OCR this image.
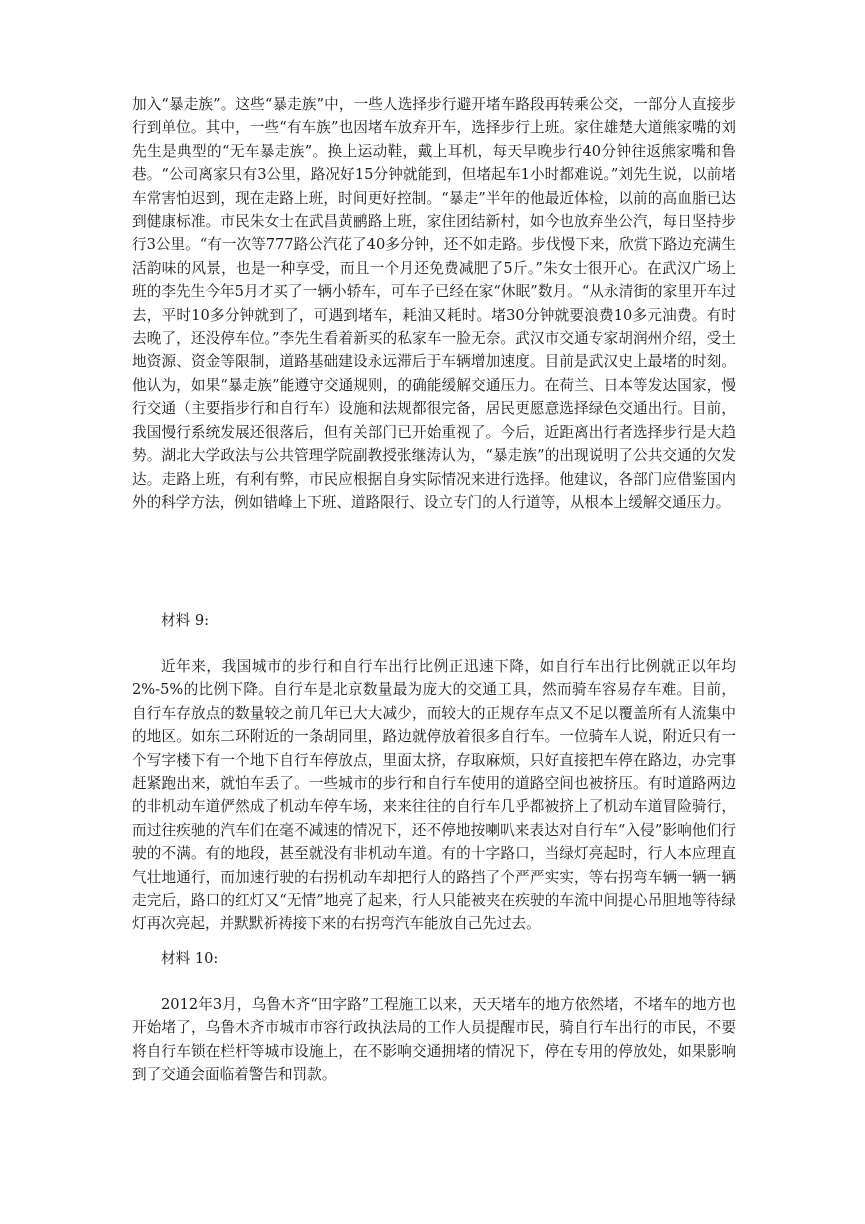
加入“暴走族”。这些“暴走族”中，一些人选择步行避开堵车路段再转乘公交，一部分人直接步行到单位。其中，一些“有车族”也因堵车放弃开车，选择步行上班。家住雄楚大道熊家嘴的刘先生是典型的“无车暴走族”。换上运动鞋，戴上耳机，每天早晚步行40分钟往返熊家嘴和鲁巷。“公司离家只有3公里，路况好15分钟就能到，但堵起车1小时都难说。”刘先生说，以前堵车常害怕迟到，现在走路上班，时间更好控制。“暴走”半年的他最近体检，以前的高血脂已达到健康标准。市民朱女士在武昌黄鹂路上班，家住团结新村，如今也放弃坐公汽，每日坚持步行3公里。“有一次等777路公汽花了40多分钟，还不如走路。步伐慢下来，欣赏下路边充满生活韵味的风景，也是一种享受，而且一个月还免费减肥了5斤。”朱女士很开心。在武汉广场上班的李先生今年5月才买了一辆小轿车，可车子已经在家“休眠”数月。“从永清街的家里开车过去，平时10多分钟就到了，可遇到堵车，耗油又耗时。堵30分钟就要浪费10多元油费。有时去晚了，还没停车位。”李先生看着新买的私家车一脸无奈。武汉市交通专家胡润州介绍，受土地资源、资金等限制，道路基础建设永远滞后于车辆增加速度。目前是武汉史上最堵的时刻。他认为，如果“暴走族”能遵守交通规则，的确能缓解交通压力。在荷兰、日本等发达国家，慢行交通（主要指步行和自行车）设施和法规都很完备，居民更愿意选择绿色交通出行。目前，我国慢行系统发展还很落后，但有关部门已开始重视了。今后，近距离出行者选择步行是大趋势。湖北大学政法与公共管理学院副教授张继涛认为，“暴走族”的出现说明了公共交通的欠发达。走路上班，有利有弊，市民应根据自身实际情况来进行选择。他建议，各部门应借鉴国内外的科学方法，例如错峰上下班、道路限行、设立专门的人行道等，从根本上缓解交通压力。

材料 9:

近年来，我国城市的步行和自行车出行比例正迅速下降，如自行车出行比例就正以年均2%-5%的比例下降。自行车是北京数量最为庞大的交通工具，然而骑车容易存车难。目前，自行车存放点的数量较之前几年已大大减少，而较大的正规存车点又不足以覆盖所有人流集中的地区。如东二环附近的一条胡同里，路边就停放着很多自行车。一位骑车人说，附近只有一个写字楼下有一个地下自行车停放点，里面太挤，存取麻烦，只好直接把车停在路边，办完事赶紧跑出来，就怕车丢了。一些城市的步行和自行车使用的道路空间也被挤压。有时道路两边的非机动车道俨然成了机动车停车场，来来往往的自行车几乎都被挤上了机动车道冒险骑行，而过往疾驰的汽车们在毫不减速的情况下，还不停地按喇叭来表达对自行车“入侵”影响他们行驶的不满。有的地段，甚至就没有非机动车道。有的十字路口，当绿灯亮起时，行人本应理直气壮地通行，而加速行驶的右拐机动车却把行人的路挡了个严严实实，等右拐弯车辆一辆一辆走完后，路口的红灯又“无情”地亮了起来，行人只能被夹在疾驶的车流中间提心吊胆地等待绿灯再次亮起，并默默祈祷接下来的右拐弯汽车能放自己先过去。

材料 10:

2012年3月，乌鲁木齐“田字路”工程施工以来，天天堵车的地方依然堵，不堵车的地方也开始堵了，乌鲁木齐市城市市容行政执法局的工作人员提醒市民，骑自行车出行的市民，不要将自行车锁在栏杆等城市设施上，在不影响交通拥堵的情况下，停在专用的停放处，如果影响到了交通会面临着警告和罚款。
